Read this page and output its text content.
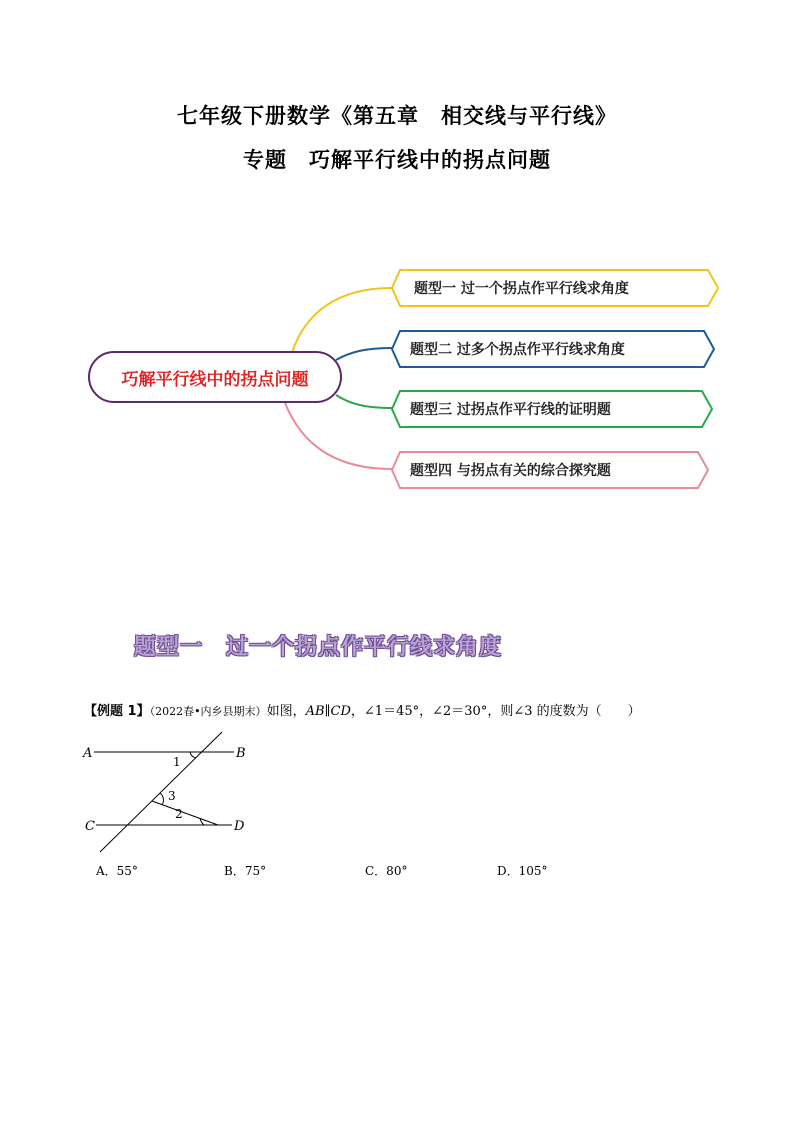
七年级下册数学《第五章　相交线与平行线》
专题　巧解平行线中的拐点问题
巧解平行线中的拐点问题
题型一 过一个拐点作平行线求角度
题型二 过多个拐点作平行线求角度
题型三 过拐点作平行线的证明题
题型四 与拐点有关的综合探究题
题型一　过一个拐点作平行线求角度
【例题 1】（2022春•内乡县期末）如图，AB∥CD，∠1＝45°，∠2＝30°，则∠3 的度数为（　　）
A	B
C	D
1
3
2
A．55°	B．75°	C．80°	D．105°
